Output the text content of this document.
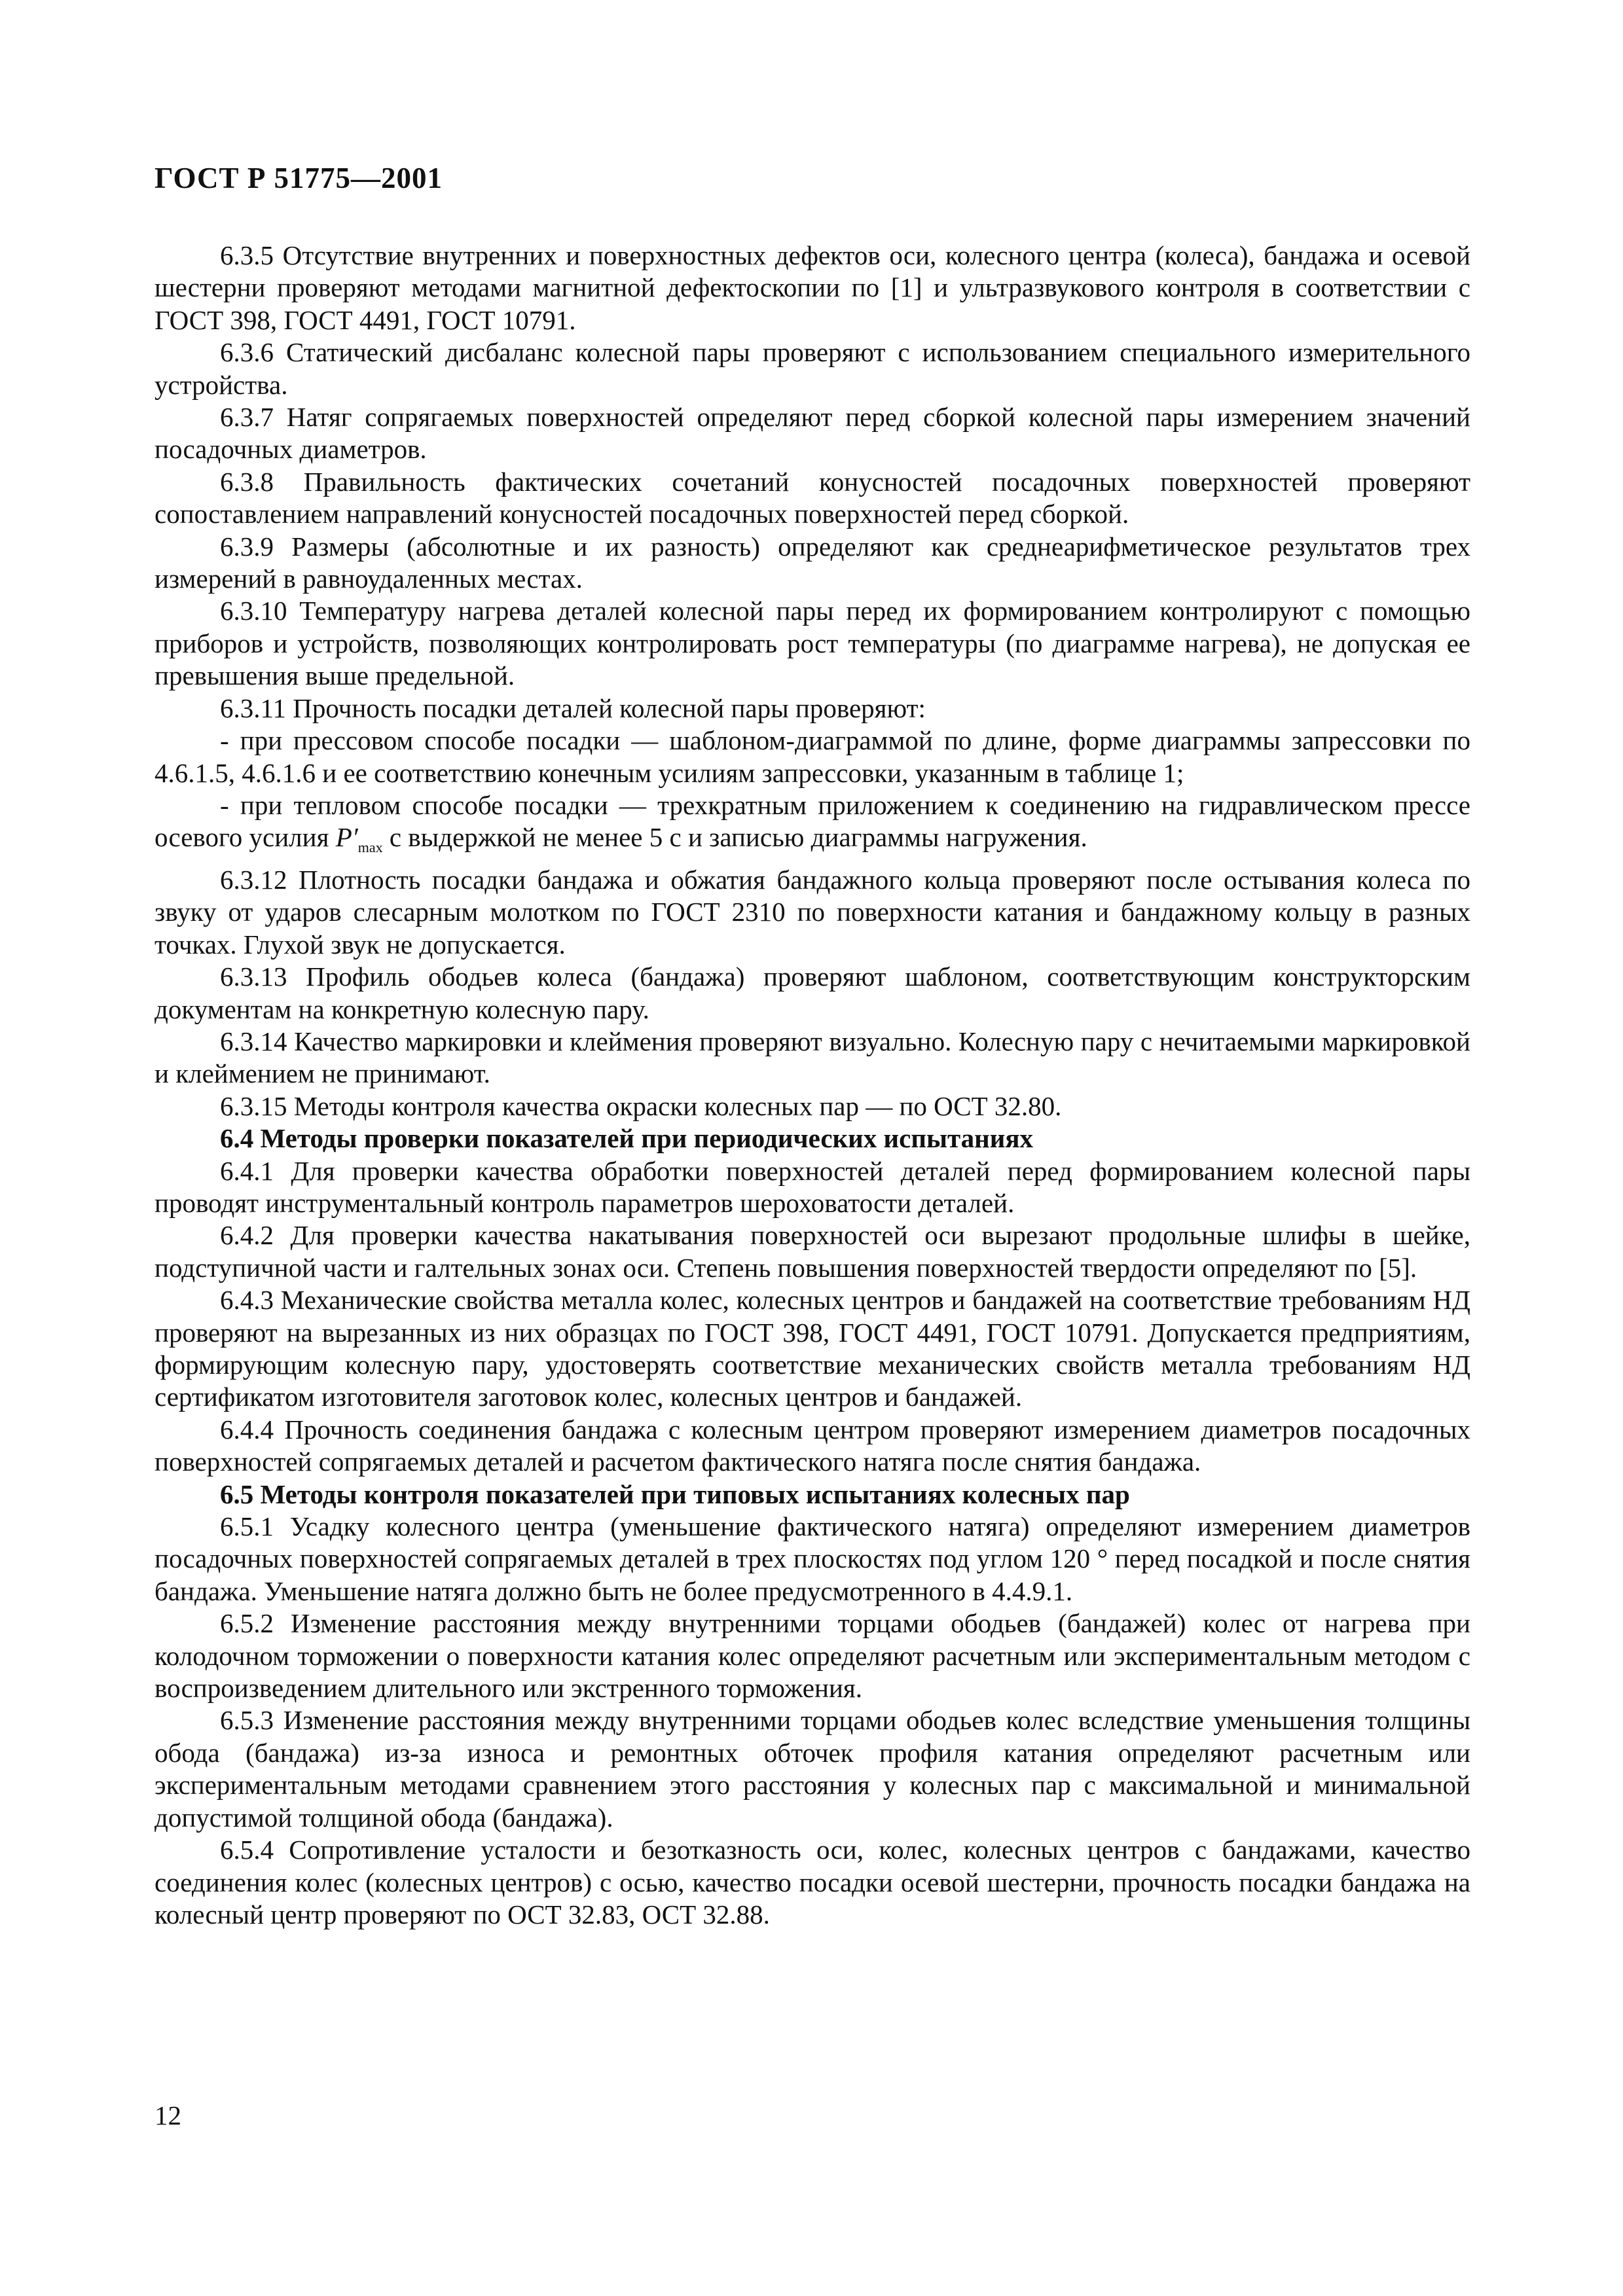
ГОСТ Р 51775—2001

6.3.5 Отсутствие внутренних и поверхностных дефектов оси, колесного центра (колеса), бандажа и осевой шестерни проверяют методами магнитной дефектоскопии по [1] и ультразвукового контроля в соответствии с ГОСТ 398, ГОСТ 4491, ГОСТ 10791.

6.3.6 Статический дисбаланс колесной пары проверяют с использованием специального измерительного устройства.

6.3.7 Натяг сопрягаемых поверхностей определяют перед сборкой колесной пары измерением значений посадочных диаметров.

6.3.8 Правильность фактических сочетаний конусностей посадочных поверхностей проверяют сопоставлением направлений конусностей посадочных поверхностей перед сборкой.

6.3.9 Размеры (абсолютные и их разность) определяют как среднеарифметическое результатов трех измерений в равноудаленных местах.

6.3.10 Температуру нагрева деталей колесной пары перед их формированием контролируют с помощью приборов и устройств, позволяющих контролировать рост температуры (по диаграмме нагрева), не допуская ее превышения выше предельной.

6.3.11 Прочность посадки деталей колесной пары проверяют:

- при прессовом способе посадки — шаблоном-диаграммой по длине, форме диаграммы запрессовки по 4.6.1.5, 4.6.1.6 и ее соответствию конечным усилиям запрессовки, указанным в таблице 1;

- при тепловом способе посадки — трехкратным приложением к соединению на гидравлическом прессе осевого усилия $P'_{max}$ с выдержкой не менее 5 с и записью диаграммы нагружения.

6.3.12 Плотность посадки бандажа и обжатия бандажного кольца проверяют после остывания колеса по звуку от ударов слесарным молотком по ГОСТ 2310 по поверхности катания и бандажному кольцу в разных точках. Глухой звук не допускается.

6.3.13 Профиль ободьев колеса (бандажа) проверяют шаблоном, соответствующим конструкторским документам на конкретную колесную пару.

6.3.14 Качество маркировки и клеймения проверяют визуально. Колесную пару с нечитаемыми маркировкой и клеймением не принимают.

6.3.15 Методы контроля качества окраски колесных пар — по ОСТ 32.80.

6.4 Методы проверки показателей при периодических испытаниях

6.4.1 Для проверки качества обработки поверхностей деталей перед формированием колесной пары проводят инструментальный контроль параметров шероховатости деталей.

6.4.2 Для проверки качества накатывания поверхностей оси вырезают продольные шлифы в шейке, подступичной части и галтельных зонах оси. Степень повышения поверхностей твердости определяют по [5].

6.4.3 Механические свойства металла колес, колесных центров и бандажей на соответствие требованиям НД проверяют на вырезанных из них образцах по ГОСТ 398, ГОСТ 4491, ГОСТ 10791. Допускается предприятиям, формирующим колесную пару, удостоверять соответствие механических свойств металла требованиям НД сертификатом изготовителя заготовок колес, колесных центров и бандажей.

6.4.4 Прочность соединения бандажа с колесным центром проверяют измерением диаметров посадочных поверхностей сопрягаемых деталей и расчетом фактического натяга после снятия бандажа.

6.5 Методы контроля показателей при типовых испытаниях колесных пар

6.5.1 Усадку колесного центра (уменьшение фактического натяга) определяют измерением диаметров посадочных поверхностей сопрягаемых деталей в трех плоскостях под углом 120 ° перед посадкой и после снятия бандажа. Уменьшение натяга должно быть не более предусмотренного в 4.4.9.1.

6.5.2 Изменение расстояния между внутренними торцами ободьев (бандажей) колес от нагрева при колодочном торможении о поверхности катания колес определяют расчетным или экспериментальным методом с воспроизведением длительного или экстренного торможения.

6.5.3 Изменение расстояния между внутренними торцами ободьев колес вследствие уменьшения толщины обода (бандажа) из-за износа и ремонтных обточек профиля катания определяют расчетным или экспериментальным методами сравнением этого расстояния у колесных пар с максимальной и минимальной допустимой толщиной обода (бандажа).

6.5.4 Сопротивление усталости и безотказность оси, колес, колесных центров с бандажами, качество соединения колес (колесных центров) с осью, качество посадки осевой шестерни, прочность посадки бандажа на колесный центр проверяют по ОСТ 32.83, ОСТ 32.88.

12
